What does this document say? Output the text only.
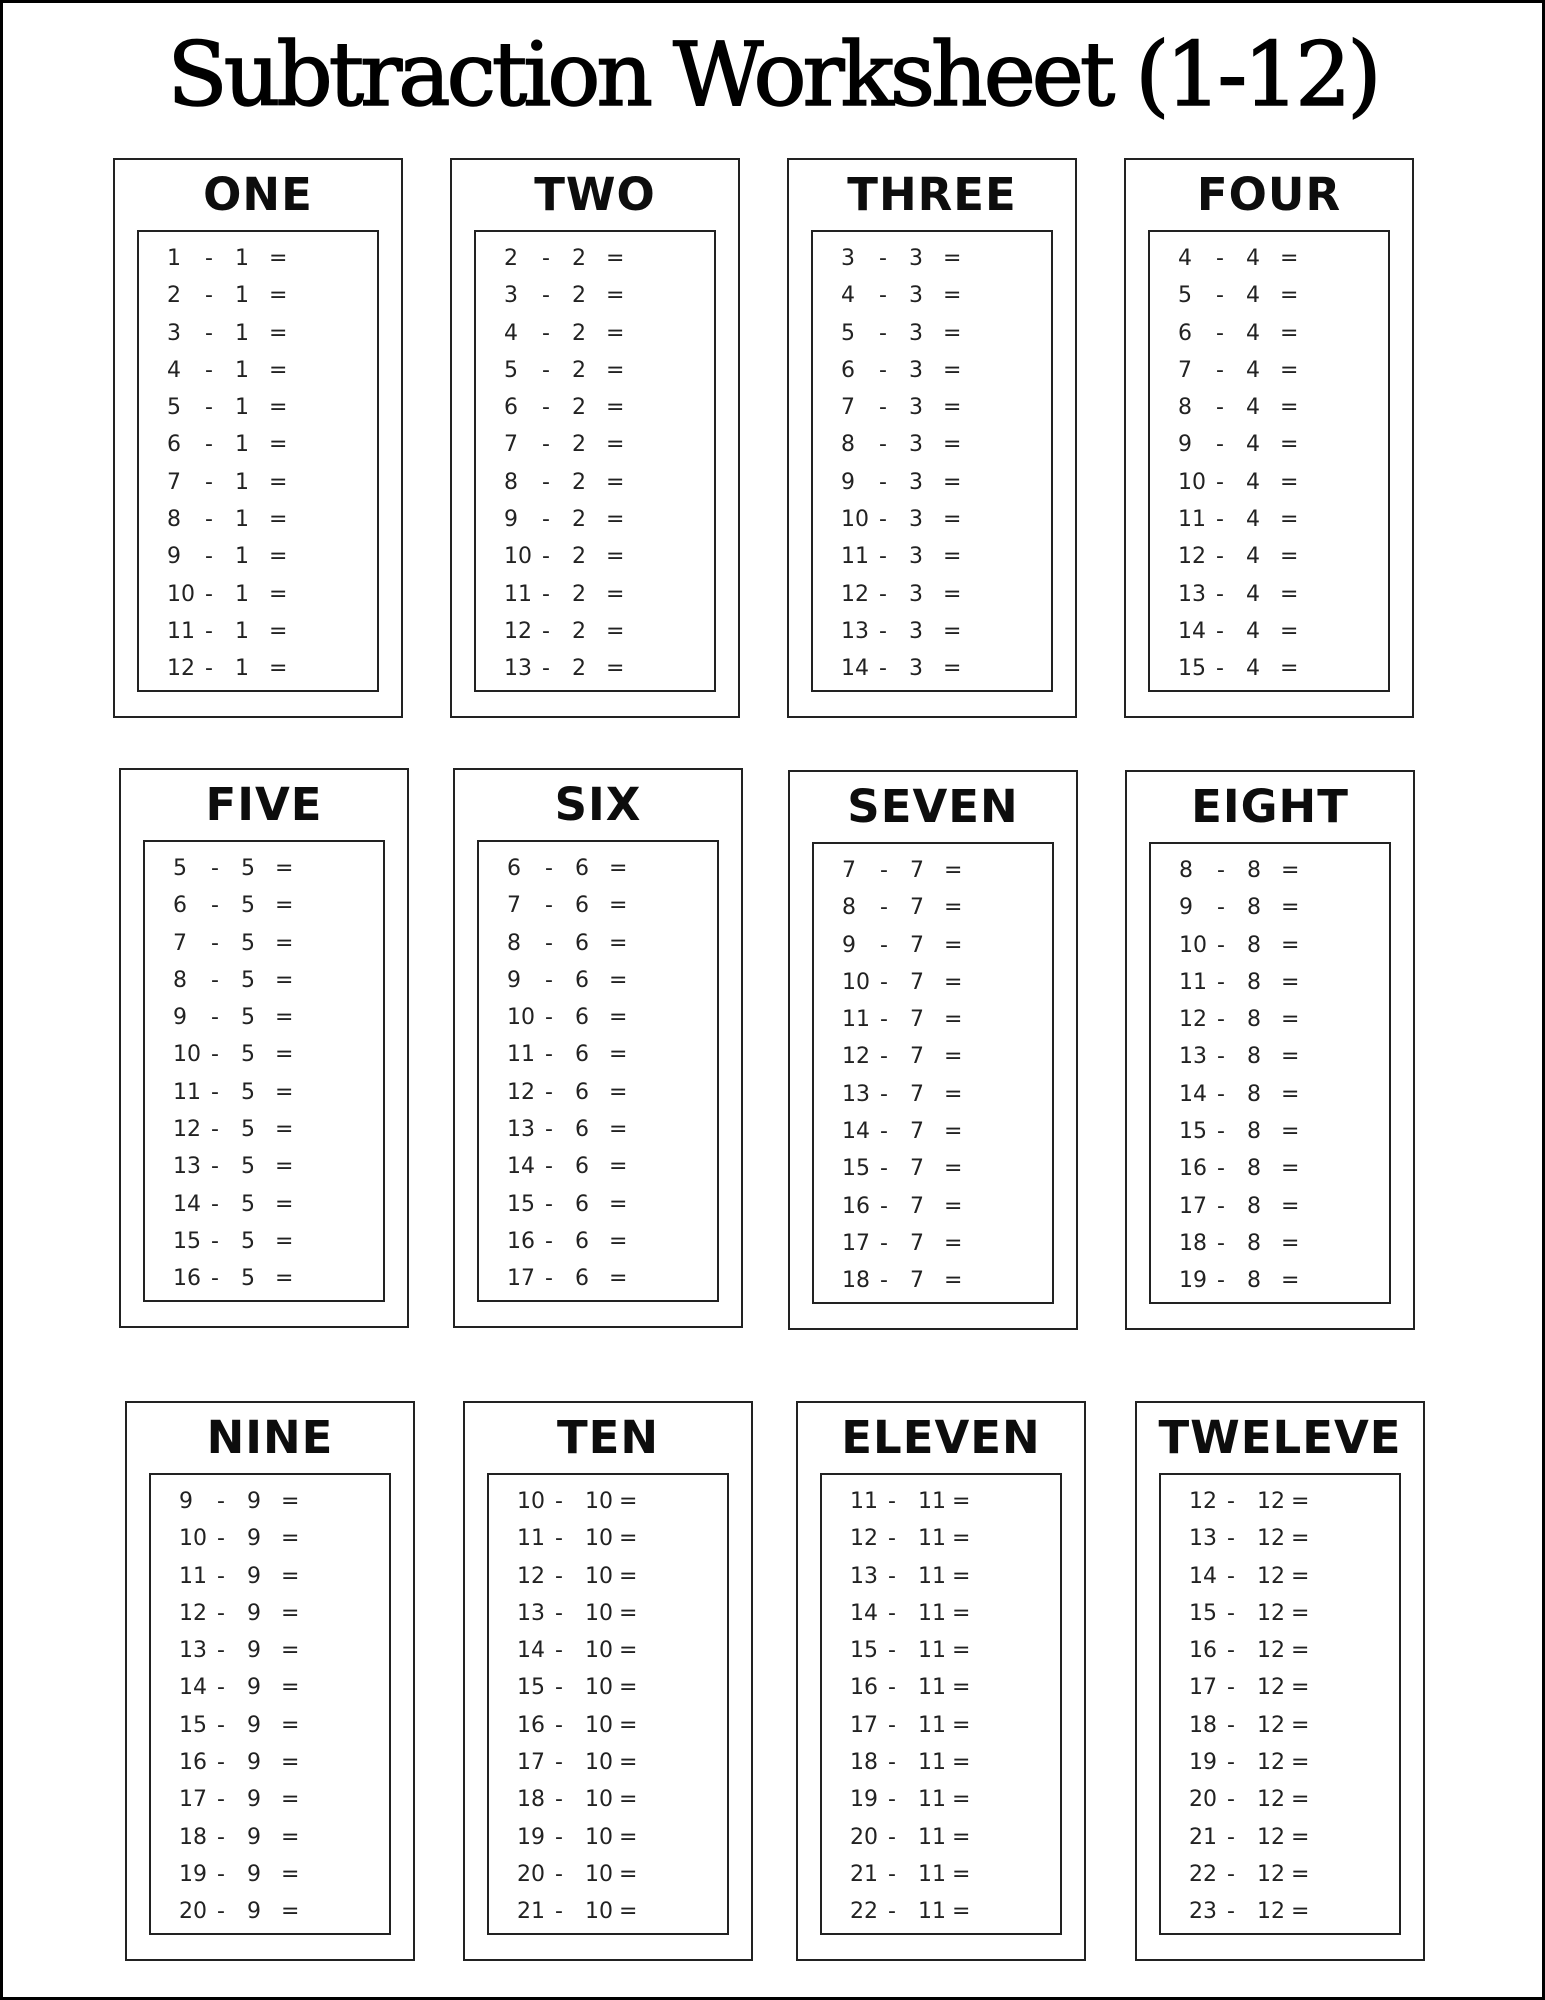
Subtraction Worksheet (1-12)
ONE
1 - 1 =
2 - 1 =
3 - 1 =
4 - 1 =
5 - 1 =
6 - 1 =
7 - 1 =
8 - 1 =
9 - 1 =
10 - 1 =
11 - 1 =
12 - 1 =
TWO
2 - 2 =
3 - 2 =
4 - 2 =
5 - 2 =
6 - 2 =
7 - 2 =
8 - 2 =
9 - 2 =
10 - 2 =
11 - 2 =
12 - 2 =
13 - 2 =
THREE
3 - 3 =
4 - 3 =
5 - 3 =
6 - 3 =
7 - 3 =
8 - 3 =
9 - 3 =
10 - 3 =
11 - 3 =
12 - 3 =
13 - 3 =
14 - 3 =
FOUR
4 - 4 =
5 - 4 =
6 - 4 =
7 - 4 =
8 - 4 =
9 - 4 =
10 - 4 =
11 - 4 =
12 - 4 =
13 - 4 =
14 - 4 =
15 - 4 =
FIVE
5 - 5 =
6 - 5 =
7 - 5 =
8 - 5 =
9 - 5 =
10 - 5 =
11 - 5 =
12 - 5 =
13 - 5 =
14 - 5 =
15 - 5 =
16 - 5 =
SIX
6 - 6 =
7 - 6 =
8 - 6 =
9 - 6 =
10 - 6 =
11 - 6 =
12 - 6 =
13 - 6 =
14 - 6 =
15 - 6 =
16 - 6 =
17 - 6 =
SEVEN
7 - 7 =
8 - 7 =
9 - 7 =
10 - 7 =
11 - 7 =
12 - 7 =
13 - 7 =
14 - 7 =
15 - 7 =
16 - 7 =
17 - 7 =
18 - 7 =
EIGHT
8 - 8 =
9 - 8 =
10 - 8 =
11 - 8 =
12 - 8 =
13 - 8 =
14 - 8 =
15 - 8 =
16 - 8 =
17 - 8 =
18 - 8 =
19 - 8 =
NINE
9 - 9 =
10 - 9 =
11 - 9 =
12 - 9 =
13 - 9 =
14 - 9 =
15 - 9 =
16 - 9 =
17 - 9 =
18 - 9 =
19 - 9 =
20 - 9 =
TEN
10 - 10 =
11 - 10 =
12 - 10 =
13 - 10 =
14 - 10 =
15 - 10 =
16 - 10 =
17 - 10 =
18 - 10 =
19 - 10 =
20 - 10 =
21 - 10 =
ELEVEN
11 - 11 =
12 - 11 =
13 - 11 =
14 - 11 =
15 - 11 =
16 - 11 =
17 - 11 =
18 - 11 =
19 - 11 =
20 - 11 =
21 - 11 =
22 - 11 =
TWELEVE
12 - 12 =
13 - 12 =
14 - 12 =
15 - 12 =
16 - 12 =
17 - 12 =
18 - 12 =
19 - 12 =
20 - 12 =
21 - 12 =
22 - 12 =
23 - 12 =
